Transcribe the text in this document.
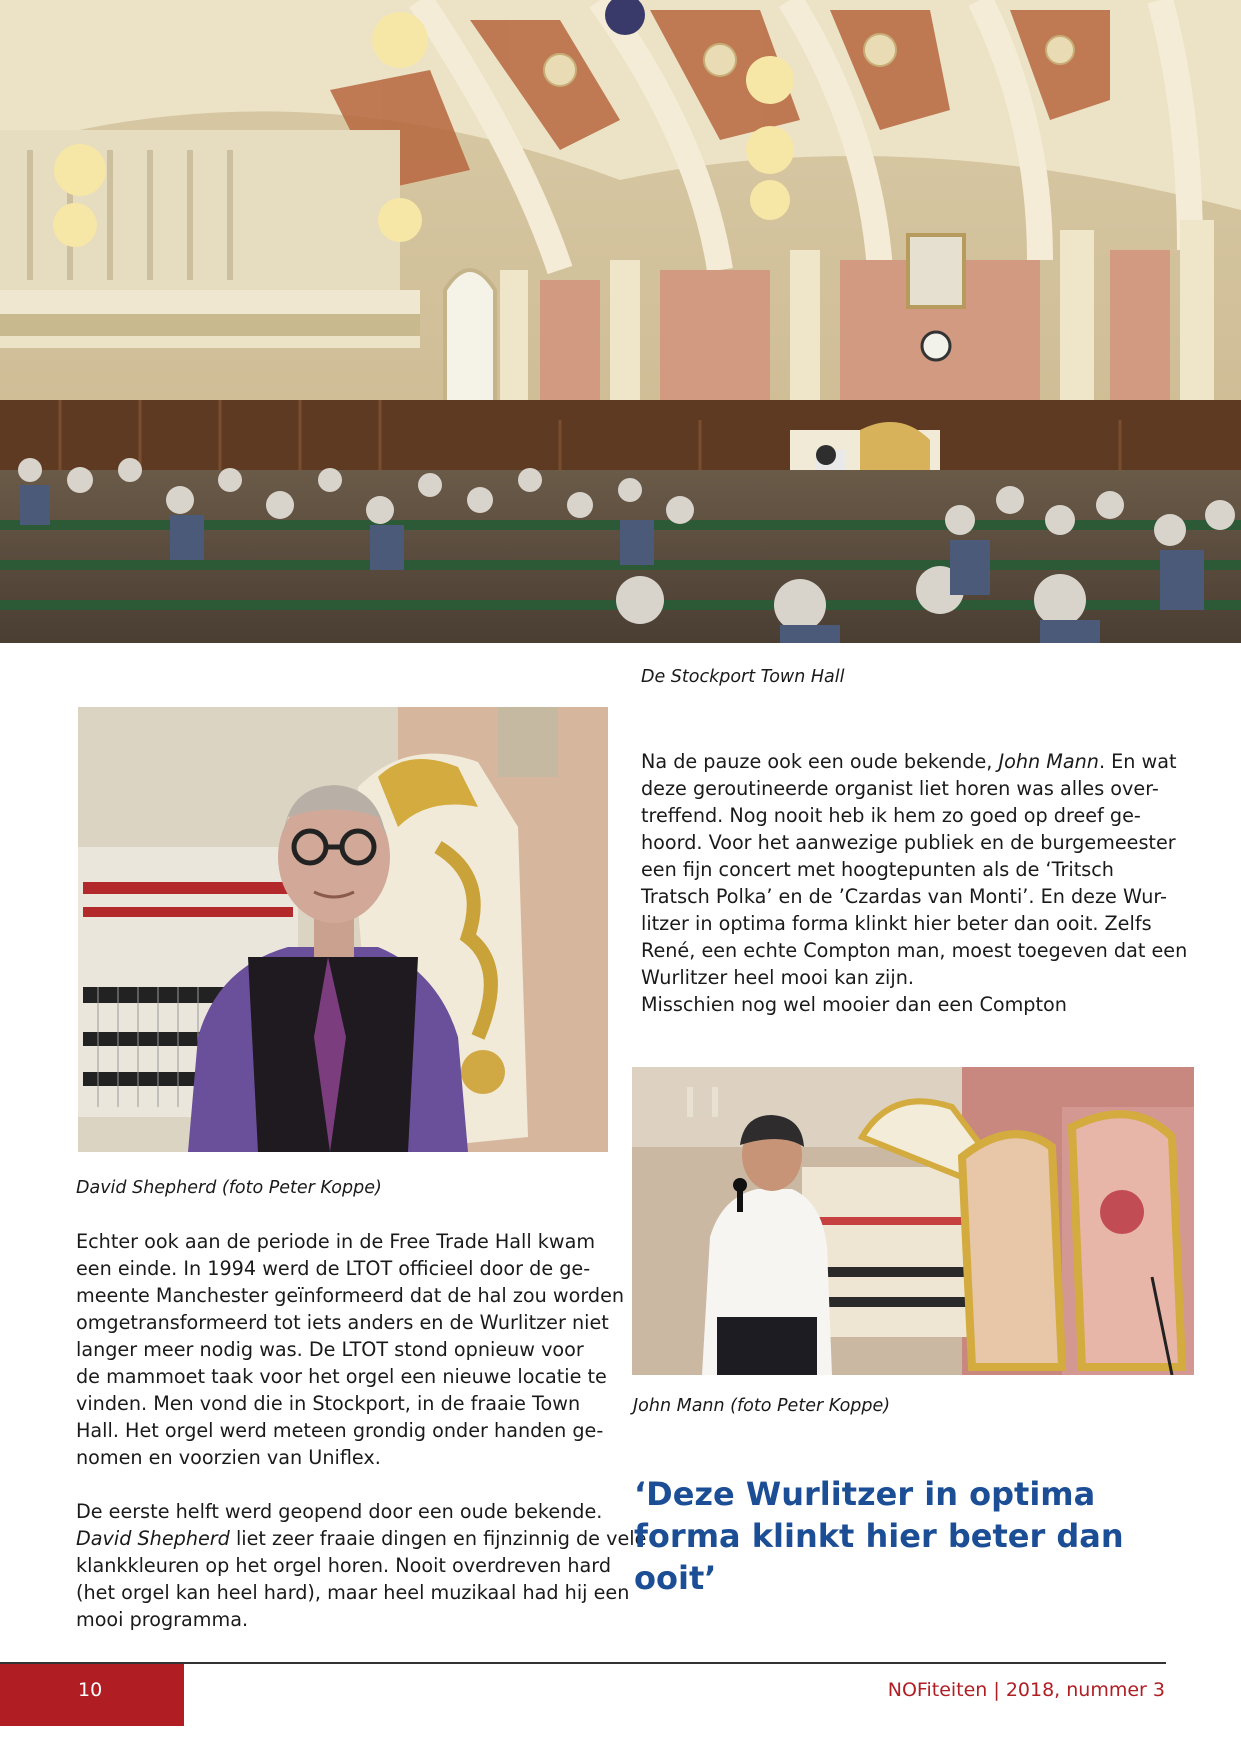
De Stockport Town Hall
David Shepherd (foto Peter Koppe)
Na de pauze ook een oude bekende, John Mann. En wat
deze geroutineerde organist liet horen was alles over-
treffend. Nog nooit heb ik hem zo goed op dreef ge-
hoord. Voor het aanwezige publiek en de burgemeester
een fijn concert met hoogtepunten als de ‘Tritsch
Tratsch Polka’ en de ’Czardas van Monti’. En deze Wur-
litzer in optima forma klinkt hier beter dan ooit. Zelfs
René, een echte Compton man, moest toegeven dat een
Wurlitzer heel mooi kan zijn.
Misschien nog wel mooier dan een Compton
John Mann (foto Peter Koppe)
Echter ook aan de periode in de Free Trade Hall kwam
een einde. In 1994 werd de LTOT officieel door de ge-
meente Manchester geïnformeerd dat de hal zou worden
omgetransformeerd tot iets anders en de Wurlitzer niet
langer meer nodig was. De LTOT stond opnieuw voor
de mammoet taak voor het orgel een nieuwe locatie te
vinden. Men vond die in Stockport, in de fraaie Town
Hall. Het orgel werd meteen grondig onder handen ge-
nomen en voorzien van Uniflex.
De eerste helft werd geopend door een oude bekende.
David Shepherd liet zeer fraaie dingen en fijnzinnig de vele
klankkleuren op het orgel horen. Nooit overdreven hard
(het orgel kan heel hard), maar heel muzikaal had hij een
mooi programma.
‘Deze Wurlitzer in optima
forma klinkt hier beter dan
ooit’
10	NOFiteiten | 2018, nummer 3
